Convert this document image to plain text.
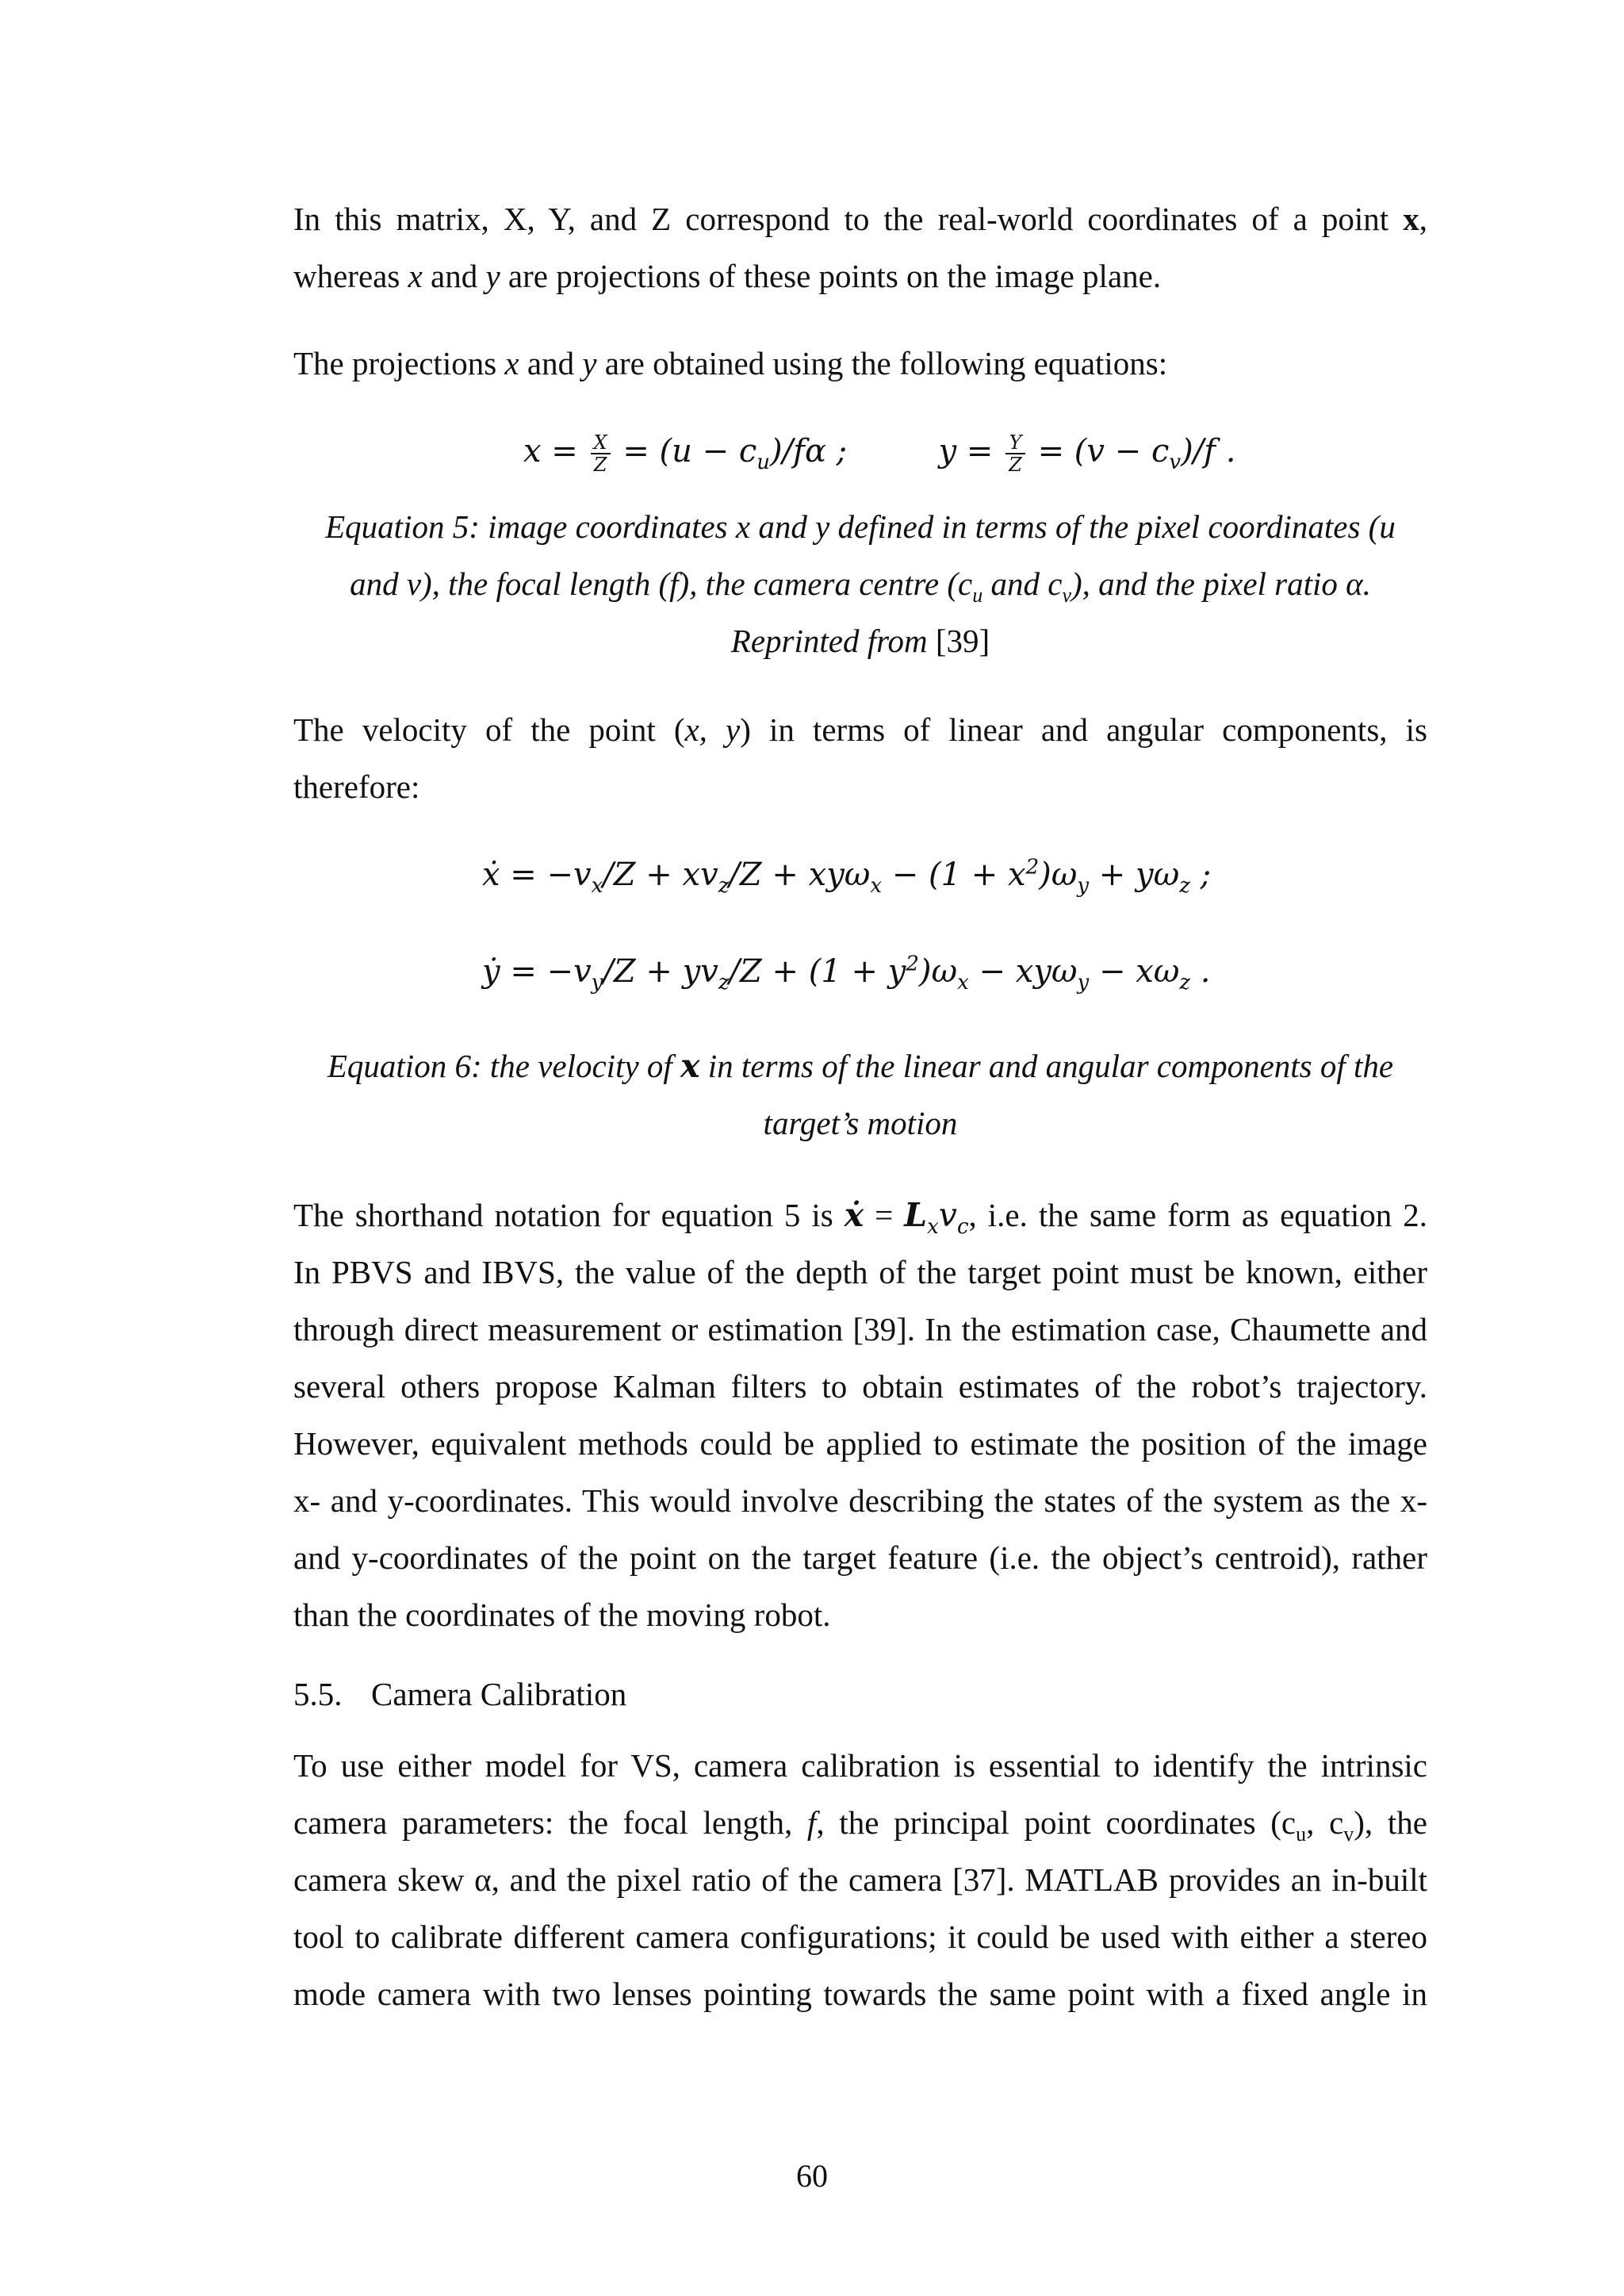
In this matrix, X, Y, and Z correspond to the real-world coordinates of a point x,
whereas x and y are projections of these points on the image plane.
The projections x and y are obtained using the following equations:
$x = \frac{X}{Z} = (u - c_u)/f\alpha$ ;	$y = \frac{Y}{Z} = (v - c_v)/f$ .
Equation 5: image coordinates x and y defined in terms of the pixel coordinates (u
and v), the focal length (f), the camera centre ($c_u$ and $c_v$), and the pixel ratio α.
Reprinted from [39]
The velocity of the point (x, y) in terms of linear and angular components, is
therefore:
ẋ = $-v_x/Z + xv_z/Z + xy\omega_x - (1 + x^2)\omega_y + y\omega_z$ ;
ẏ = $-v_y/Z + yv_z/Z + (1 + y^2)\omega_x - xy\omega_y - x\omega_z$ .
Equation 6: the velocity of x in terms of the linear and angular components of the
target’s motion
The shorthand notation for equation 5 is ẋ = $L_xv_c$, i.e. the same form as equation 2.
In PBVS and IBVS, the value of the depth of the target point must be known, either
through direct measurement or estimation [39]. In the estimation case, Chaumette and
several others propose Kalman filters to obtain estimates of the robot’s trajectory.
However, equivalent methods could be applied to estimate the position of the image
x- and y-coordinates. This would involve describing the states of the system as the x-
and y-coordinates of the point on the target feature (i.e. the object’s centroid), rather
than the coordinates of the moving robot.
5.5. Camera Calibration
To use either model for VS, camera calibration is essential to identify the intrinsic
camera parameters: the focal length, f, the principal point coordinates ($c_u$, $c_v$), the
camera skew α, and the pixel ratio of the camera [37]. MATLAB provides an in-built
tool to calibrate different camera configurations; it could be used with either a stereo
mode camera with two lenses pointing towards the same point with a fixed angle in
60
